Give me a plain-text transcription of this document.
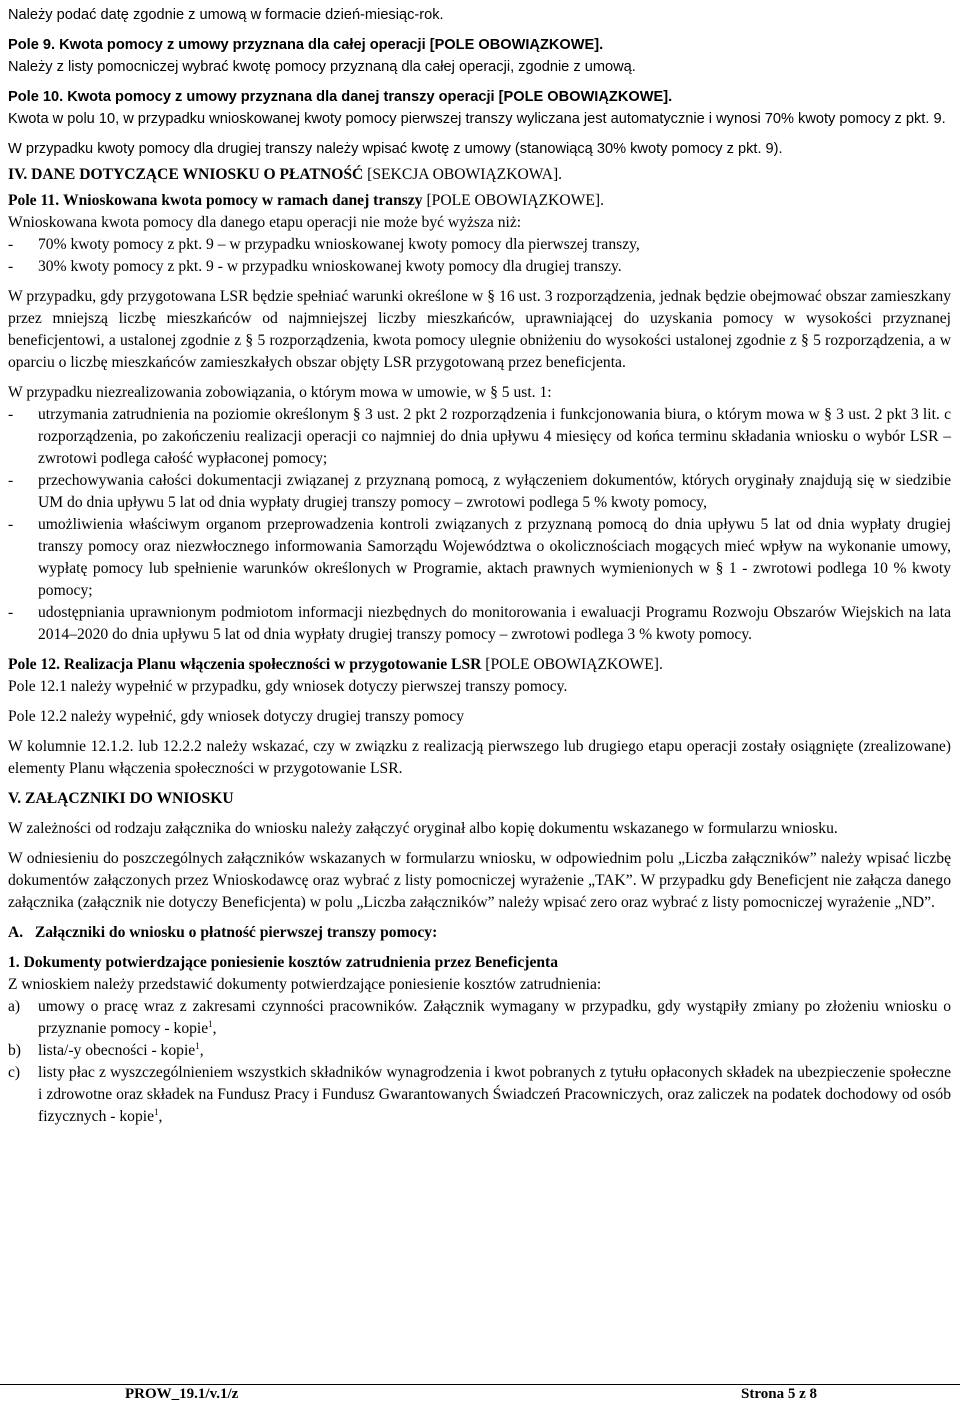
Należy podać datę zgodnie z umową w formacie dzień-miesiąc-rok.

Pole 9. Kwota pomocy z umowy przyznana dla całej operacji [POLE OBOWIĄZKOWE].

Należy z listy pomocniczej wybrać kwotę pomocy przyznaną dla całej operacji, zgodnie z umową.

Pole 10. Kwota pomocy z umowy przyznana dla danej transzy operacji [POLE OBOWIĄZKOWE].

Kwota w polu 10, w przypadku wnioskowanej kwoty pomocy pierwszej transzy wyliczana jest automatycznie i wynosi 70% kwoty pomocy z pkt. 9.

W przypadku kwoty pomocy dla drugiej transzy należy wpisać kwotę z umowy (stanowiącą 30% kwoty pomocy z pkt. 9).

IV. DANE DOTYCZĄCE WNIOSKU O PŁATNOŚĆ [SEKCJA OBOWIĄZKOWA].

Pole 11. Wnioskowana kwota pomocy w ramach danej transzy [POLE OBOWIĄZKOWE].

Wnioskowana kwota pomocy dla danego etapu operacji nie może być wyższa niż:

-	70% kwoty pomocy z pkt. 9 – w przypadku wnioskowanej kwoty pomocy dla pierwszej transzy,
-	30% kwoty pomocy z pkt. 9 - w przypadku wnioskowanej kwoty pomocy dla drugiej transzy.

W przypadku, gdy przygotowana LSR będzie spełniać warunki określone w § 16 ust. 3 rozporządzenia, jednak będzie obejmować obszar zamieszkany przez mniejszą liczbę mieszkańców od najmniejszej liczby mieszkańców, uprawniającej do uzyskania pomocy w wysokości przyznanej beneficjentowi, a ustalonej zgodnie z § 5 rozporządzenia, kwota pomocy ulegnie obniżeniu do wysokości ustalonej zgodnie z § 5 rozporządzenia, a w oparciu o liczbę mieszkańców zamieszkałych obszar objęty LSR przygotowaną przez beneficjenta.

W przypadku niezrealizowania zobowiązania, o którym mowa w umowie, w § 5 ust. 1:

-	utrzymania zatrudnienia na poziomie określonym § 3 ust. 2 pkt 2 rozporządzenia i funkcjonowania biura, o którym mowa w § 3 ust. 2 pkt 3 lit. c rozporządzenia, po zakończeniu realizacji operacji co najmniej do dnia upływu 4 miesięcy od końca terminu składania wniosku o wybór LSR – zwrotowi podlega całość wypłaconej pomocy;
-	przechowywania całości dokumentacji związanej z przyznaną pomocą, z wyłączeniem dokumentów, których oryginały znajdują się w siedzibie UM do dnia upływu 5 lat od dnia wypłaty drugiej transzy pomocy – zwrotowi podlega 5 % kwoty pomocy,
-	umożliwienia właściwym organom przeprowadzenia kontroli związanych z przyznaną pomocą do dnia upływu 5 lat od dnia wypłaty drugiej transzy pomocy oraz niezwłocznego informowania Samorządu Województwa o okolicznościach mogących mieć wpływ na wykonanie umowy, wypłatę pomocy lub spełnienie warunków określonych w Programie, aktach prawnych wymienionych w § 1 - zwrotowi podlega 10 % kwoty pomocy;
-	udostępniania uprawnionym podmiotom informacji niezbędnych do monitorowania i ewaluacji Programu Rozwoju Obszarów Wiejskich na lata 2014–2020 do dnia upływu 5 lat od dnia wypłaty drugiej transzy pomocy – zwrotowi podlega 3 % kwoty pomocy.

Pole 12. Realizacja Planu włączenia społeczności w przygotowanie LSR [POLE OBOWIĄZKOWE].

Pole 12.1 należy wypełnić w przypadku, gdy wniosek dotyczy pierwszej transzy pomocy.

Pole 12.2 należy wypełnić, gdy wniosek dotyczy drugiej transzy pomocy

W kolumnie 12.1.2. lub 12.2.2 należy wskazać, czy w związku z realizacją pierwszego lub drugiego etapu operacji zostały osiągnięte (zrealizowane) elementy Planu włączenia społeczności w przygotowanie LSR.

V. ZAŁĄCZNIKI DO WNIOSKU

W zależności od rodzaju załącznika do wniosku należy załączyć oryginał albo kopię dokumentu wskazanego w formularzu wniosku.

W odniesieniu do poszczególnych załączników wskazanych w formularzu wniosku, w odpowiednim polu „Liczba załączników” należy wpisać liczbę dokumentów załączonych przez Wnioskodawcę oraz wybrać z listy pomocniczej wyrażenie „TAK”. W przypadku gdy Beneficjent nie załącza danego załącznika (załącznik nie dotyczy Beneficjenta) w polu „Liczba załączników” należy wpisać zero oraz wybrać z listy pomocniczej wyrażenie „ND”.

A.   Załączniki do wniosku o płatność pierwszej transzy pomocy:

1. Dokumenty potwierdzające poniesienie kosztów zatrudnienia przez Beneficjenta

Z wnioskiem należy przedstawić dokumenty potwierdzające poniesienie kosztów zatrudnienia:

a)	umowy o pracę wraz z zakresami czynności pracowników. Załącznik wymagany w przypadku, gdy wystąpiły zmiany po złożeniu wniosku o przyznanie pomocy - kopie$^1$,
b)	lista/-y obecności - kopie$^1$,
c)	listy płac z wyszczególnieniem wszystkich składników wynagrodzenia i kwot pobranych z tytułu opłaconych składek na ubezpieczenie społeczne i zdrowotne oraz składek na Fundusz Pracy i Fundusz Gwarantowanych Świadczeń Pracowniczych, oraz zaliczek na podatek dochodowy od osób fizycznych - kopie$^1$,
PROW_19.1/v.1/z	Strona 5 z 8
